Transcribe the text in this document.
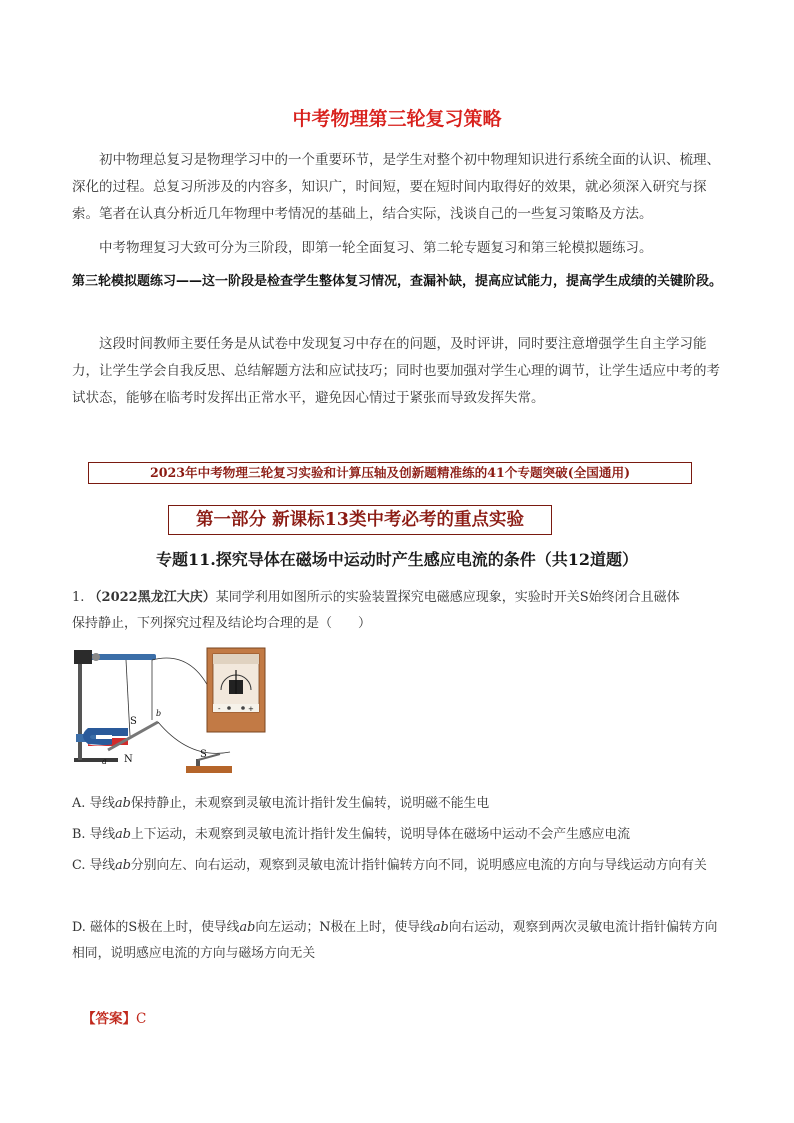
中考物理第三轮复习策略

初中物理总复习是物理学习中的一个重要环节，是学生对整个初中物理知识进行系统全面的认识、梳理、深化的过程。总复习所涉及的内容多，知识广，时间短，要在短时间内取得好的效果，就必须深入研究与探索。笔者在认真分析近几年物理中考情况的基础上，结合实际，浅谈自己的一些复习策略及方法。

中考物理复习大致可分为三阶段，即第一轮全面复习、第二轮专题复习和第三轮模拟题练习。

第三轮模拟题练习——这一阶段是检查学生整体复习情况，查漏补缺，提高应试能力，提高学生成绩的关键阶段。

这段时间教师主要任务是从试卷中发现复习中存在的问题，及时评讲，同时要注意增强学生自主学习能力，让学生学会自我反思、总结解题方法和应试技巧；同时也要加强对学生心理的调节，让学生适应中考的考试状态，能够在临考时发挥出正常水平，避免因心情过于紧张而导致发挥失常。

2023年中考物理三轮复习实验和计算压轴及创新题精准练的41个专题突破(全国通用)
第一部分 新课标13类中考必考的重点实验
专题11.探究导体在磁场中运动时产生感应电流的条件（共12道题）

1. （2022黑龙江大庆）某同学利用如图所示的实验装置探究电磁感应现象，实验时开关S始终闭合且磁体
保持静止，下列探究过程及结论均合理的是（　　）

S
N
a
b
S
-	+

A. 导线ab保持静止，未观察到灵敏电流计指针发生偏转，说明磁不能生电

B. 导线ab上下运动，未观察到灵敏电流计指针发生偏转，说明导体在磁场中运动不会产生感应电流

C. 导线ab分别向左、向右运动，观察到灵敏电流计指针偏转方向不同，说明感应电流的方向与导线运动方向有关

D. 磁体的S极在上时，使导线ab向左运动；N极在上时，使导线ab向右运动，观察到两次灵敏电流计指针偏转方向相同，说明感应电流的方向与磁场方向无关

【答案】C
